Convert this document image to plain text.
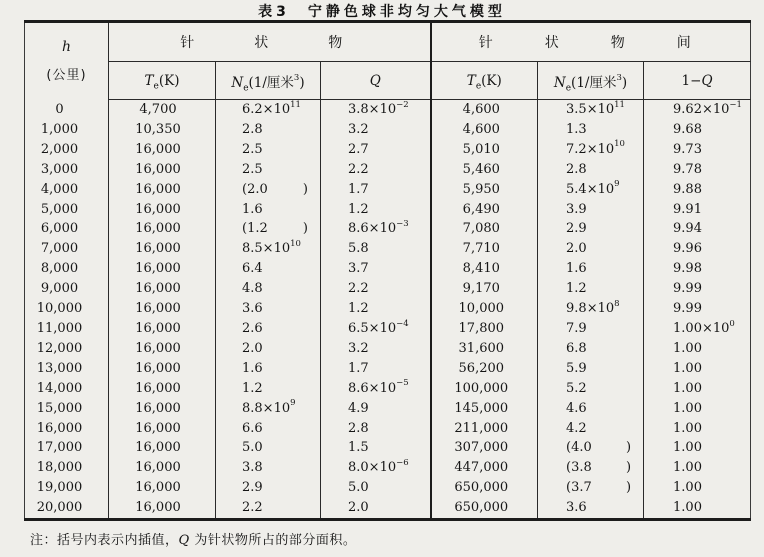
表3　宁静色球非均匀大气模型
h
(公里)	针状物			针状物间		
	$T_e(K)$	$N_e(1/$厘米$^3$)	Q	$T_e(K)$	$N_e(1/$厘米$^3$)	1−Q
0	4,700	$6.2\times 10^{11}$	$3.8\times 10^{-2}$	4,600	$3.5\times 10^{11}$	$9.62\times 10^{-1}$
1,000	10,350	2.8	3.2	4,600	1.3	9.68
2,000	16,000	2.5	2.7	5,010	$7.2\times 10^{10}$	9.73
3,000	16,000	2.5	2.2	5,460	2.8	9.78
4,000	16,000	(2.0 )	1.7	5,950	$5.4\times 10^9$	9.88
5,000	16,000	1.6	1.2	6,490	3.9	9.91
6,000	16,000	(1.2 )	$8.6\times 10^{-3}$	7,080	2.9	9.94
7,000	16,000	$8.5\times 10^{10}$	5.8	7,710	2.0	9.96
8,000	16,000	6.4	3.7	8,410	1.6	9.98
9,000	16,000	4.8	2.2	9,170	1.2	9.99
10,000	16,000	3.6	1.2	10,000	$9.8\times 10^8$	9.99
11,000	16,000	2.6	$6.5\times 10^{-4}$	17,800	7.9	$1.00\times 10^0$
12,000	16,000	2.0	3.2	31,600	6.8	1.00
13,000	16,000	1.6	1.7	56,200	5.9	1.00
14,000	16,000	1.2	$8.6\times 10^{-5}$	100,000	5.2	1.00
15,000	16,000	$8.8\times 10^9$	4.9	145,000	4.6	1.00
16,000	16,000	6.6	2.8	211,000	4.2	1.00
17,000	16,000	5.0	1.5	307,000	(4.0 )	1.00
18,000	16,000	3.8	$8.0\times 10^{-6}$	447,000	(3.8 )	1.00
19,000	16,000	2.9	5.0	650,000	(3.7 )	1.00
20,000	16,000	2.2	2.0	650,000	3.6	1.00
注：括号内表示内插值，Q 为针状物所占的部分面积。
